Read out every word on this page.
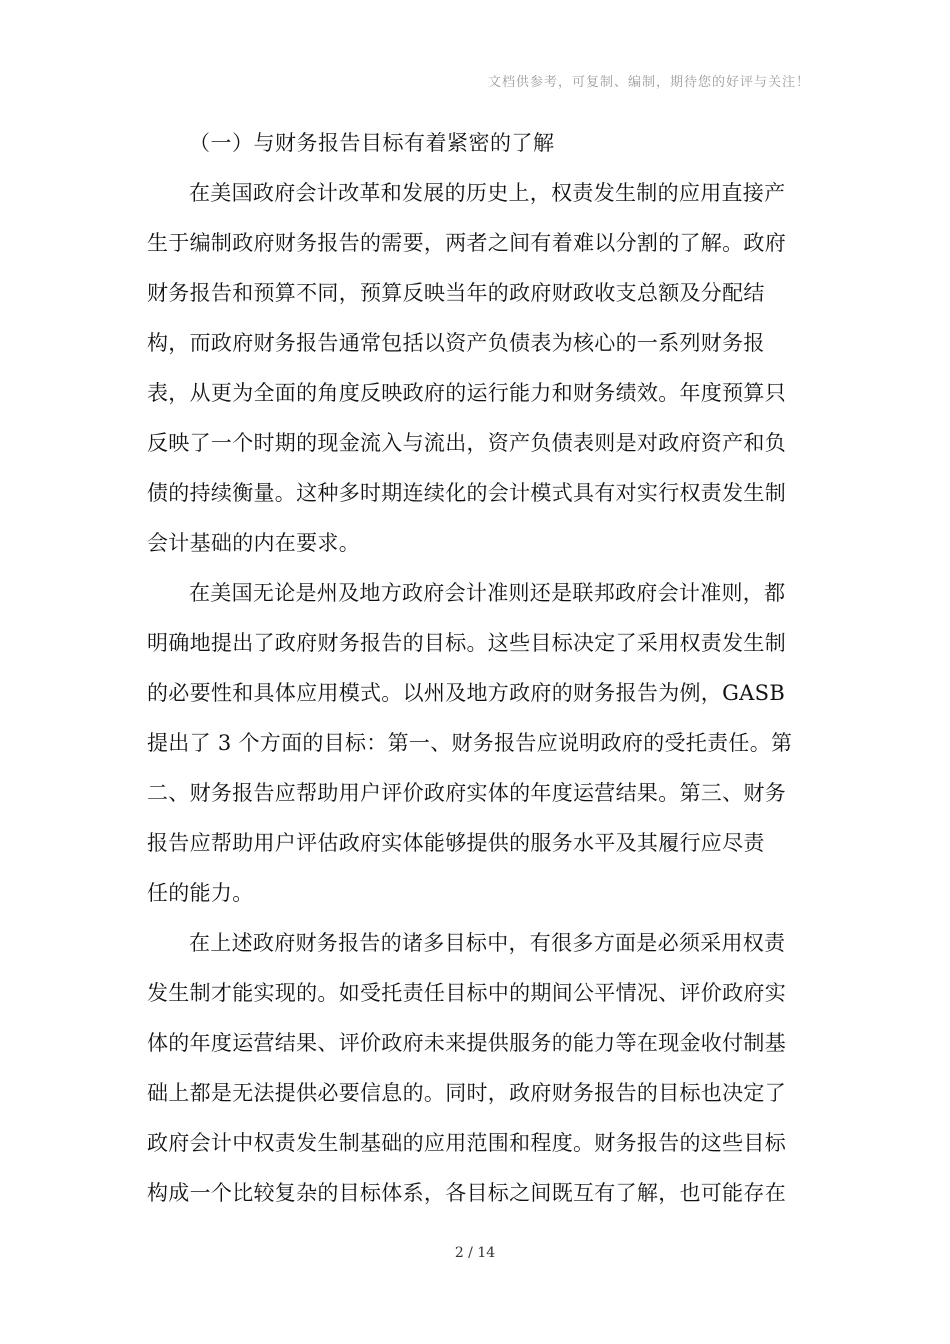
文档供参考，可复制、编制，期待您的好评与关注！
（一）与财务报告目标有着紧密的了解
在美国政府会计改革和发展的历史上，权责发生制的应用直接产
生于编制政府财务报告的需要，两者之间有着难以分割的了解。政府
财务报告和预算不同，预算反映当年的政府财政收支总额及分配结
构，而政府财务报告通常包括以资产负债表为核心的一系列财务报
表，从更为全面的角度反映政府的运行能力和财务绩效。年度预算只
反映了一个时期的现金流入与流出，资产负债表则是对政府资产和负
债的持续衡量。这种多时期连续化的会计模式具有对实行权责发生制
会计基础的内在要求。
在美国无论是州及地方政府会计准则还是联邦政府会计准则，都
明确地提出了政府财务报告的目标。这些目标决定了采用权责发生制
的必要性和具体应用模式。以州及地方政府的财务报告为例，GASB
提出了 3 个方面的目标：第一、财务报告应说明政府的受托责任。第
二、财务报告应帮助用户评价政府实体的年度运营结果。第三、财务
报告应帮助用户评估政府实体能够提供的服务水平及其履行应尽责
任的能力。
在上述政府财务报告的诸多目标中，有很多方面是必须采用权责
发生制才能实现的。如受托责任目标中的期间公平情况、评价政府实
体的年度运营结果、评价政府未来提供服务的能力等在现金收付制基
础上都是无法提供必要信息的。同时，政府财务报告的目标也决定了
政府会计中权责发生制基础的应用范围和程度。财务报告的这些目标
构成一个比较复杂的目标体系，各目标之间既互有了解，也可能存在
2 / 14
